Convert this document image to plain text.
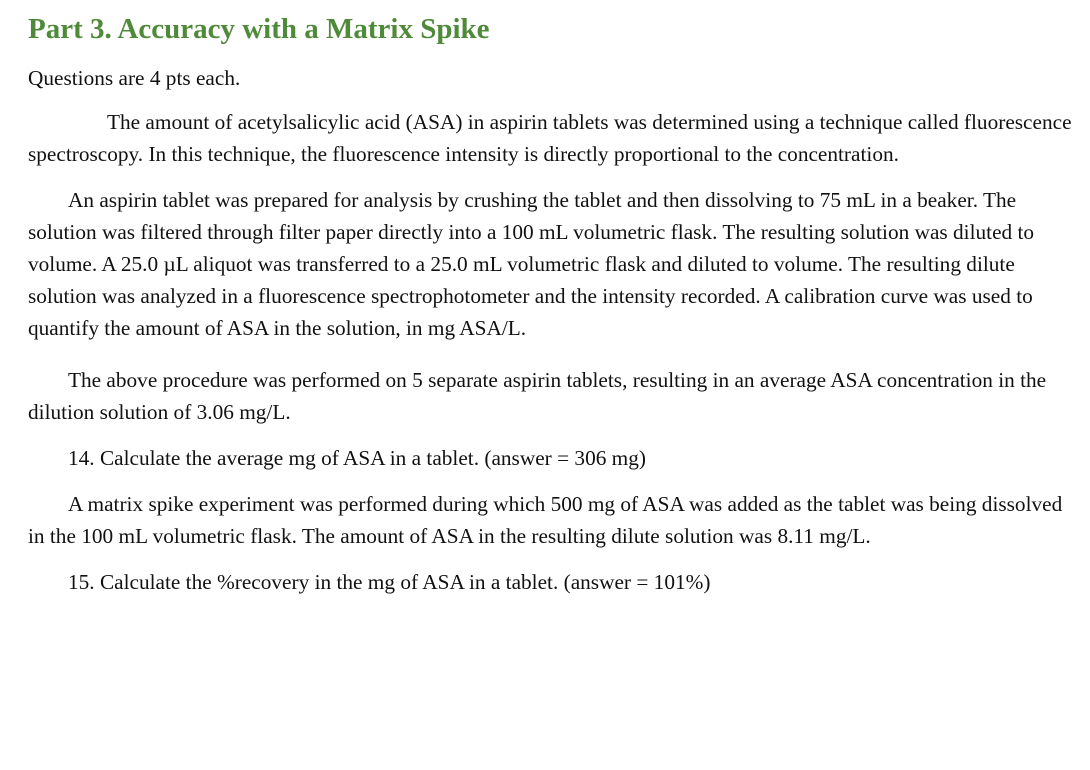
Part 3. Accuracy with a Matrix Spike

Questions are 4 pts each.

The amount of acetylsalicylic acid (ASA) in aspirin tablets was determined using a technique called fluorescence spectroscopy. In this technique, the fluorescence intensity is directly proportional to the concentration.

An aspirin tablet was prepared for analysis by crushing the tablet and then dissolving to 75 mL in a beaker. The solution was filtered through filter paper directly into a 100 mL volumetric flask. The resulting solution was diluted to volume. A 25.0 µL aliquot was transferred to a 25.0 mL volumetric flask and diluted to volume. The resulting dilute solution was analyzed in a fluorescence spectrophotometer and the intensity recorded. A calibration curve was used to quantify the amount of ASA in the solution, in mg ASA/L.

The above procedure was performed on 5 separate aspirin tablets, resulting in an average ASA concentration in the dilution solution of 3.06 mg/L.

14. Calculate the average mg of ASA in a tablet. (answer = 306 mg)

A matrix spike experiment was performed during which 500 mg of ASA was added as the tablet was being dissolved in the 100 mL volumetric flask. The amount of ASA in the resulting dilute solution was 8.11 mg/L.

15. Calculate the %recovery in the mg of ASA in a tablet. (answer = 101%)
